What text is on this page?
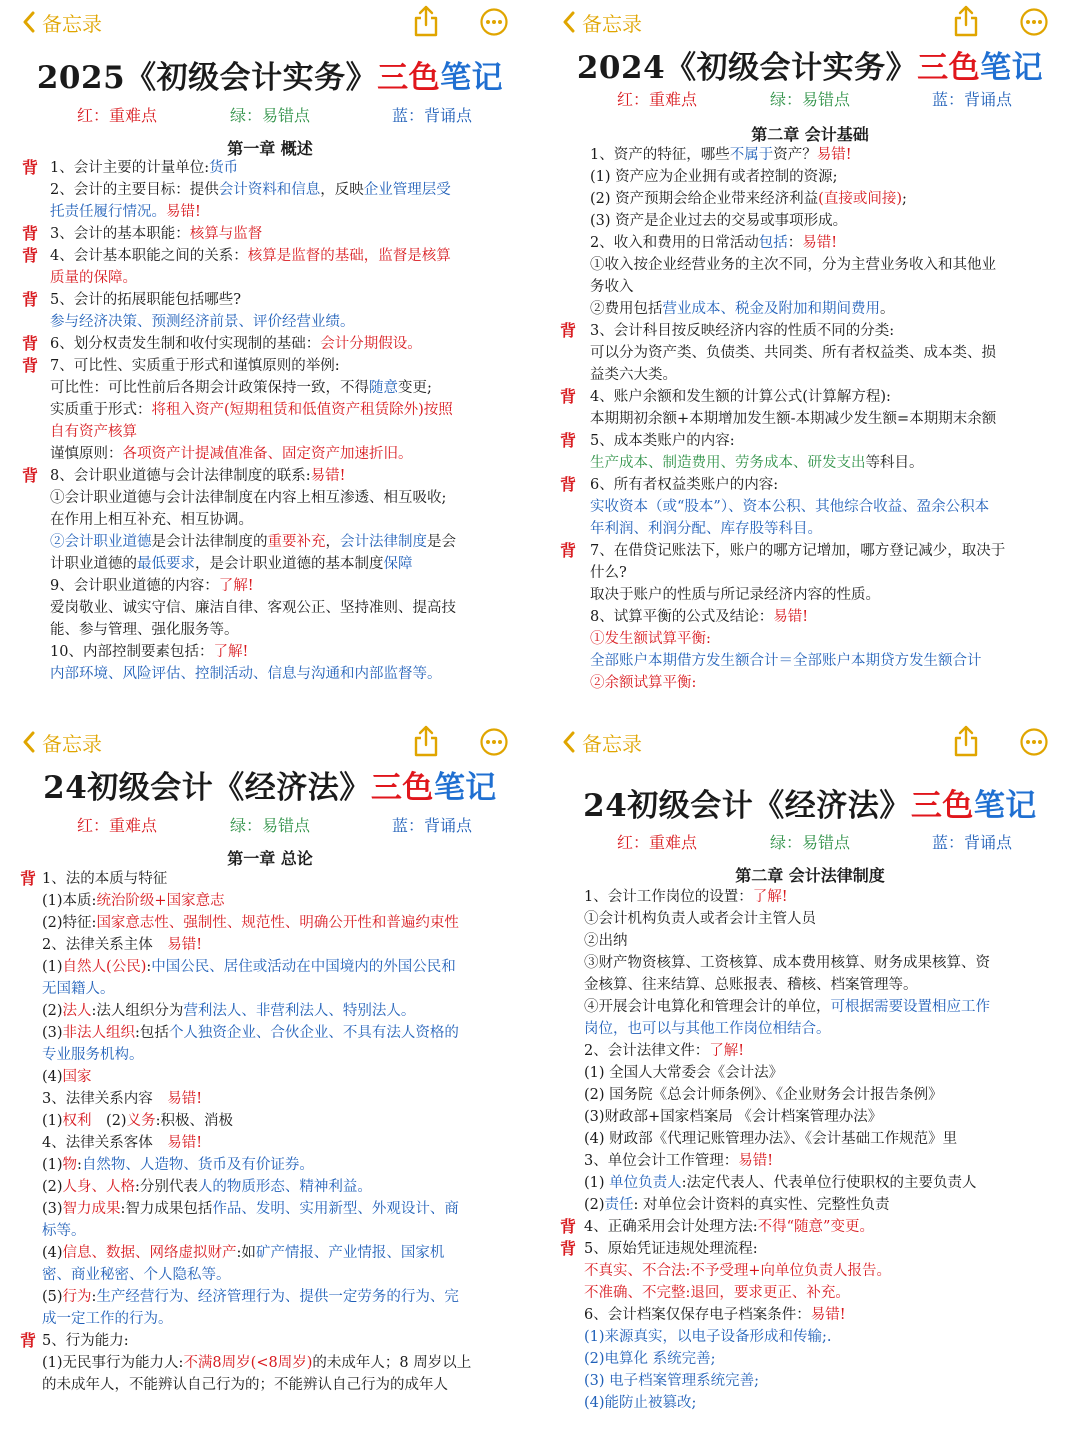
备忘录
2025《初级会计实务》三色笔记
红：重难点	绿：易错点	蓝：背诵点
第一章 概述
背 1、会计主要的计量单位:货币
2、会计的主要目标：提供会计资料和信息，反映企业管理层受
托责任履行情况。易错!
背 3、会计的基本职能：核算与监督
背 4、会计基本职能之间的关系：核算是监督的基础，监督是核算
质量的保障。
背 5、会计的拓展职能包括哪些?
参与经济决策、预测经济前景、评价经营业绩。
背 6、划分权责发生制和收付实现制的基础：会计分期假设。
背 7、可比性、实质重于形式和谨慎原则的举例:
可比性：可比性前后各期会计政策保持一致，不得随意变更;
实质重于形式：将租入资产(短期租赁和低值资产租赁除外)按照
自有资产核算
谨慎原则：各项资产计提减值准备、固定资产加速折旧。
背 8、会计职业道德与会计法律制度的联系:易错!
①会计职业道德与会计法律制度在内容上相互渗透、相互吸收;
在作用上相互补充、相互协调。
②会计职业道德是会计法律制度的重要补充，会计法律制度是会
计职业道德的最低要求，是会计职业道德的基本制度保障
9、会计职业道德的内容：了解!
爱岗敬业、诚实守信、廉洁自律、客观公正、坚持准则、提高技
能、参与管理、强化服务等。
10、内部控制要素包括：了解!
内部环境、风险评估、控制活动、信息与沟通和内部监督等。
备忘录
2024《初级会计实务》三色笔记
红：重难点	绿：易错点	蓝：背诵点
第二章 会计基础
1、资产的特征，哪些不属于资产？易错!
(1) 资产应为企业拥有或者控制的资源;
(2) 资产预期会给企业带来经济利益(直接或间接);
(3) 资产是企业过去的交易或事项形成。
2、收入和费用的日常活动包括：易错!
①收入按企业经营业务的主次不同，分为主营业务收入和其他业
务收入
②费用包括营业成本、税金及附加和期间费用。
背 3、会计科目按反映经济内容的性质不同的分类:
可以分为资产类、负债类、共同类、所有者权益类、成本类、损
益类六大类。
背 4、账户余额和发生额的计算公式(计算解方程):
本期期初余额+本期增加发生额-本期减少发生额=本期期末余额
背 5、成本类账户的内容:
生产成本、制造费用、劳务成本、研发支出等科目。
背 6、所有者权益类账户的内容:
实收资本（或“股本”）、资本公积、其他综合收益、盈余公积本
年利润、利润分配、库存股等科目。
背 7、在借贷记账法下，账户的哪方记增加，哪方登记减少，取决于
什么?
取决于账户的性质与所记录经济内容的性质。
8、试算平衡的公式及结论：易错!
①发生额试算平衡:
全部账户本期借方发生额合计＝全部账户本期贷方发生额合计
②余额试算平衡:
备忘录
24初级会计《经济法》三色笔记
红：重难点	绿：易错点	蓝：背诵点
第一章 总论
背 1、法的本质与特征
(1)本质:统治阶级+国家意志
(2)特征:国家意志性、强制性、规范性、明确公开性和普遍约束性
2、法律关系主体　易错!
(1)自然人(公民):中国公民、居住或活动在中国境内的外国公民和
无国籍人。
(2)法人:法人组织分为营利法人、非营利法人、特别法人。
(3)非法人组织:包括个人独资企业、合伙企业、不具有法人资格的
专业服务机构。
(4)国家
3、法律关系内容　易错!
(1)权利　(2)义务:积极、消极
4、法律关系客体　易错!
(1)物:自然物、人造物、货币及有价证券。
(2)人身、人格:分别代表人的物质形态、精神利益。
(3)智力成果:智力成果包括作品、发明、实用新型、外观设计、商
标等。
(4)信息、数据、网络虚拟财产:如矿产情报、产业情报、国家机
密、商业秘密、个人隐私等。
(5)行为:生产经营行为、经济管理行为、提供一定劳务的行为、完
成一定工作的行为。
背 5、行为能力:
(1)无民事行为能力人:不满8周岁(<8周岁)的未成年人；8 周岁以上
的未成年人，不能辨认自己行为的；不能辨认自己行为的成年人
备忘录
24初级会计《经济法》三色笔记
红：重难点	绿：易错点	蓝：背诵点
第二章 会计法律制度
1、会计工作岗位的设置：了解!
①会计机构负责人或者会计主管人员
②出纳
③财产物资核算、工资核算、成本费用核算、财务成果核算、资
金核算、往来结算、总账报表、稽核、档案管理等。
④开展会计电算化和管理会计的单位，可根据需要设置相应工作
岗位，也可以与其他工作岗位相结合。
2、会计法律文件：了解!
(1) 全国人大常委会《会计法》
(2) 国务院《总会计师条例》、《企业财务会计报告条例》
(3)财政部+国家档案局 《会计档案管理办法》
(4) 财政部《代理记账管理办法》、《会计基础工作规范》里
3、单位会计工作管理：易错!
(1) 单位负责人:法定代表人、代表单位行使职权的主要负责人
(2)责任: 对单位会计资料的真实性、完整性负责
背 4、正确采用会计处理方法:不得“随意”变更。
背 5、原始凭证违规处理流程:
不真实、不合法:不予受理+向单位负责人报告。
不准确、不完整:退回，要求更正、补充。
6、会计档案仅保存电子档案条件：易错!
(1)来源真实，以电子设备形成和传输;.
(2)电算化 系统完善;
(3) 电子档案管理系统完善;
(4)能防止被篡改;
